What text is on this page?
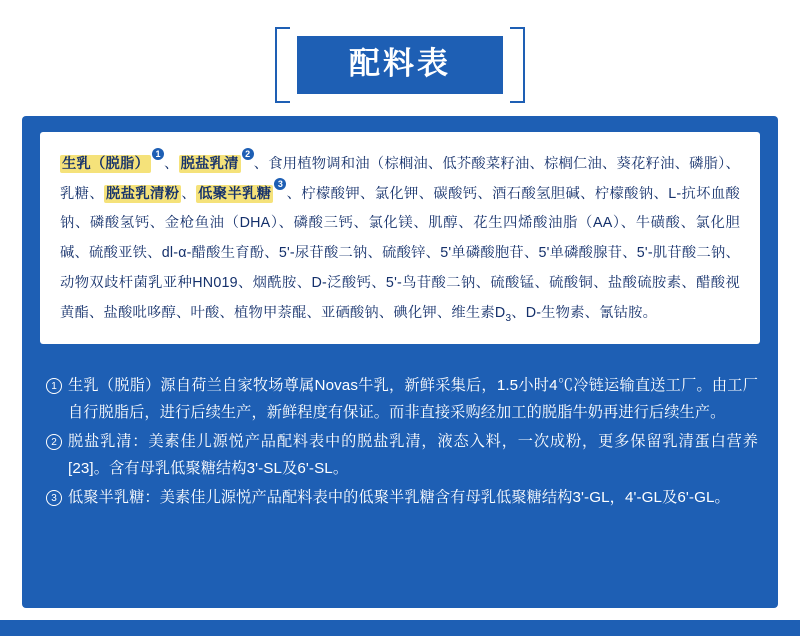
配料表
生乳（脱脂）$^1$、 脱盐乳清$^2$、食用植物调和油（棕榈油、低芥酸菜籽油、棕榈仁油、葵花籽油、磷脂）、乳糖、 脱盐乳清粉 、 低聚半乳糖$^3$、柠檬酸钾、氯化钾、碳酸钙、酒石酸氢胆碱、柠檬酸钠、L-抗坏血酸钠、磷酸氢钙、金枪鱼油（DHA）、磷酸三钙、氯化镁、肌醇、花生四烯酸油脂（AA）、牛磺酸、氯化胆碱、硫酸亚铁、dl-α-醋酸生育酚、5'-尿苷酸二钠、硫酸锌、5'单磷酸胞苷、5'单磷酸腺苷、5'-肌苷酸二钠、动物双歧杆菌乳亚种HN019、烟酰胺、D-泛酸钙、5'-鸟苷酸二钠、硫酸锰、硫酸铜、盐酸硫胺素、醋酸视黄酯、盐酸吡哆醇、叶酸、植物甲萘醌、亚硒酸钠、碘化钾、维生素$D_3$、D-生物素、氰钴胺。
1 生乳（脱脂）源自荷兰自家牧场尊属Novas牛乳，新鲜采集后，1.5小时4℃冷链运输直送工厂。由工厂自行脱脂后，进行后续生产，新鲜程度有保证。而非直接采购经加工的脱脂牛奶再进行后续生产。
2 脱盐乳清：美素佳儿源悦产品配料表中的脱盐乳清，液态入料，一次成粉，更多保留乳清蛋白营养[23]。含有母乳低聚糖结构3'-SL及6'-SL。
3 低聚半乳糖：美素佳儿源悦产品配料表中的低聚半乳糖含有母乳低聚糖结构3'-GL，4'-GL及6'-GL。
